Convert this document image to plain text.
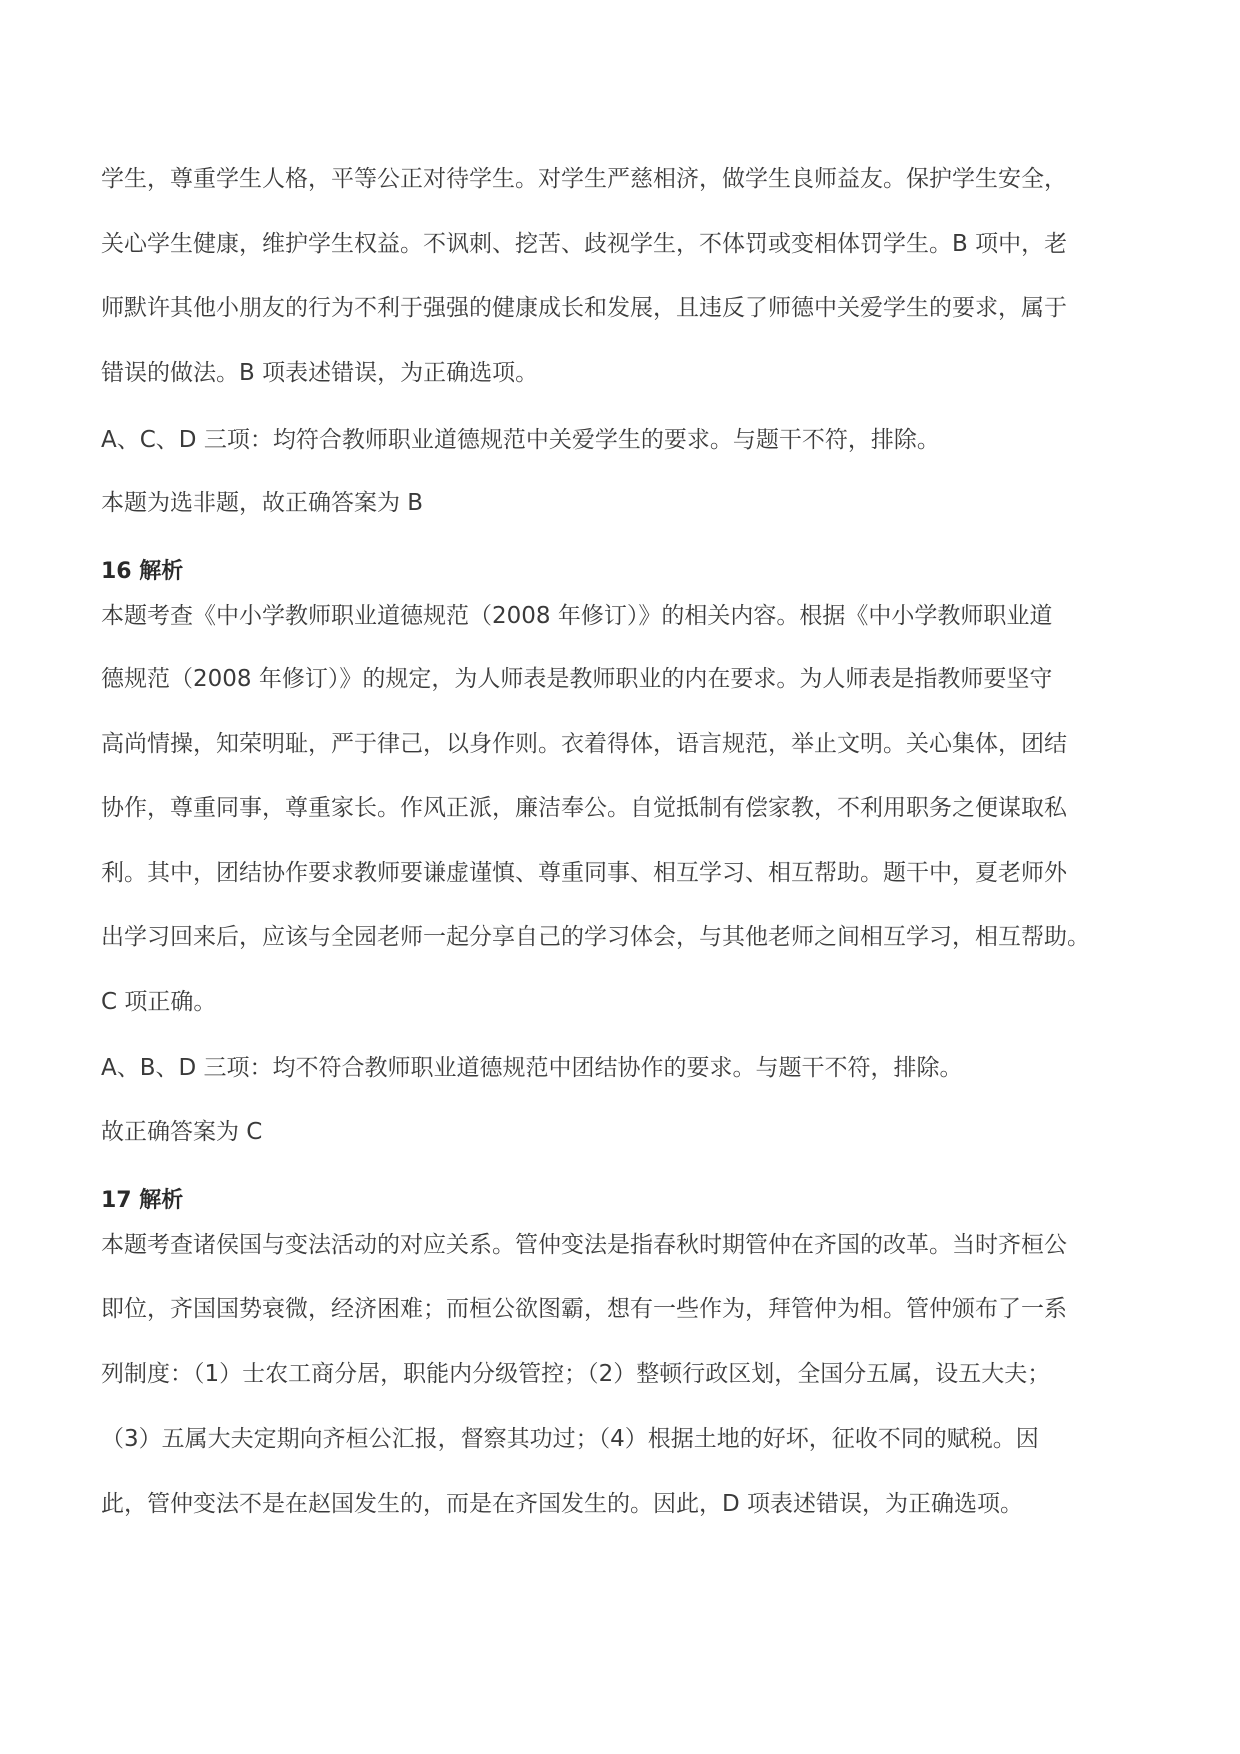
学生，尊重学生人格，平等公正对待学生。对学生严慈相济，做学生良师益友。保护学生安全，
关心学生健康，维护学生权益。不讽刺、挖苦、歧视学生，不体罚或变相体罚学生。B 项中，老
师默许其他小朋友的行为不利于强强的健康成长和发展，且违反了师德中关爱学生的要求，属于
错误的做法。B 项表述错误，为正确选项。
A、C、D 三项：均符合教师职业道德规范中关爱学生的要求。与题干不符，排除。
本题为选非题，故正确答案为 B
16 解析
本题考查《中小学教师职业道德规范（2008 年修订）》的相关内容。根据《中小学教师职业道
德规范（2008 年修订）》的规定，为人师表是教师职业的内在要求。为人师表是指教师要坚守
高尚情操，知荣明耻，严于律己，以身作则。衣着得体，语言规范，举止文明。关心集体，团结
协作，尊重同事，尊重家长。作风正派，廉洁奉公。自觉抵制有偿家教，不利用职务之便谋取私
利。其中，团结协作要求教师要谦虚谨慎、尊重同事、相互学习、相互帮助。题干中，夏老师外
出学习回来后，应该与全园老师一起分享自己的学习体会，与其他老师之间相互学习，相互帮助。
C 项正确。
A、B、D 三项：均不符合教师职业道德规范中团结协作的要求。与题干不符，排除。
故正确答案为 C
17 解析
本题考查诸侯国与变法活动的对应关系。管仲变法是指春秋时期管仲在齐国的改革。当时齐桓公
即位，齐国国势衰微，经济困难；而桓公欲图霸，想有一些作为，拜管仲为相。管仲颁布了一系
列制度：（1）士农工商分居，职能内分级管控；（2）整顿行政区划，全国分五属，设五大夫；
（3）五属大夫定期向齐桓公汇报，督察其功过；（4）根据土地的好坏，征收不同的赋税。因
此，管仲变法不是在赵国发生的，而是在齐国发生的。因此，D 项表述错误，为正确选项。
